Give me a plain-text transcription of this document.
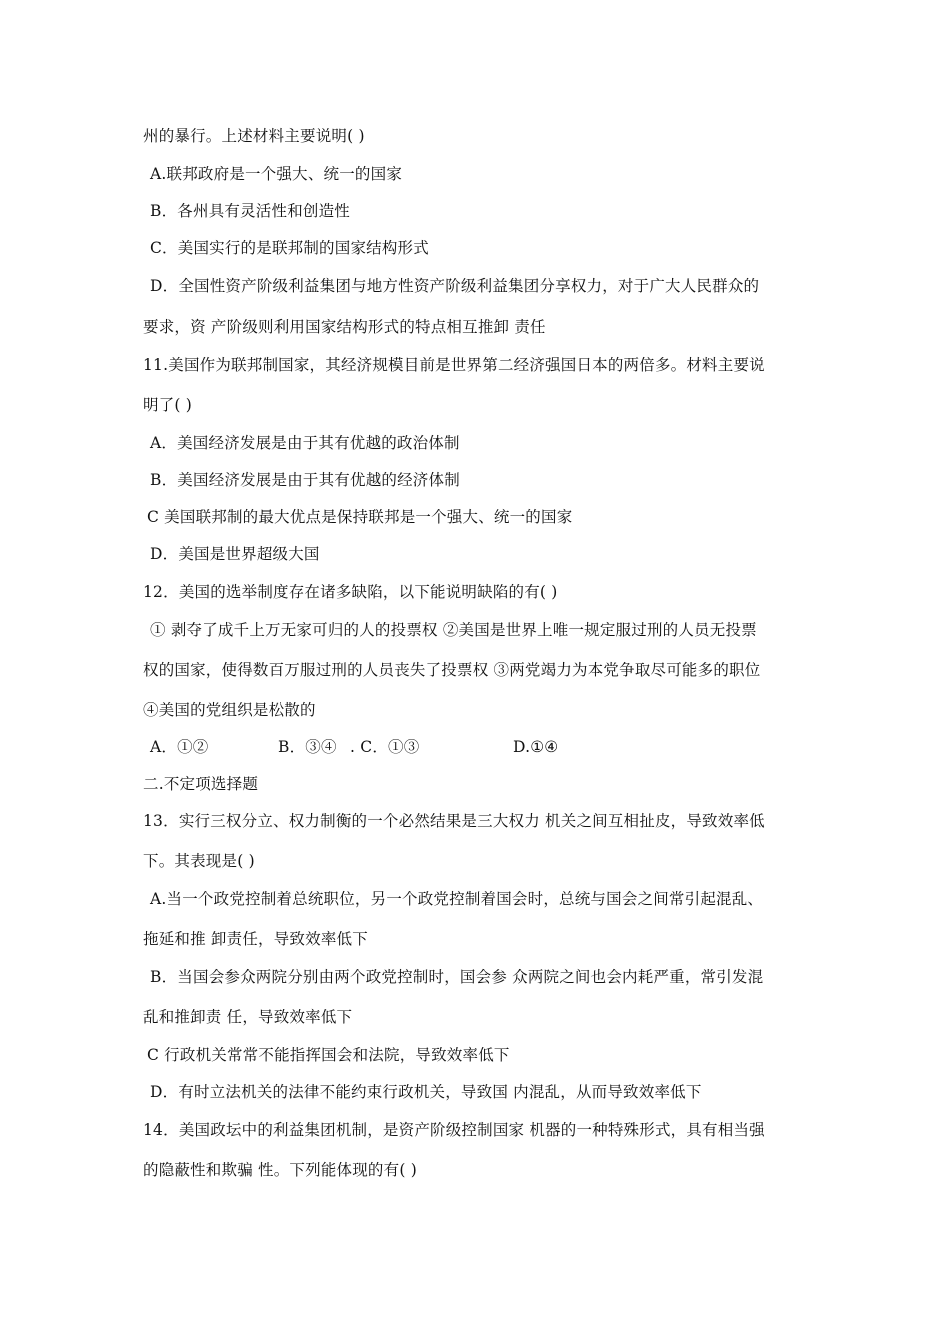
州的暴行。上述材料主要说明( )
A.联邦政府是一个强大、统一的国家
B．各州具有灵活性和创造性
C．美国实行的是联邦制的国家结构形式
D．全国性资产阶级利益集团与地方性资产阶级利益集团分享权力，对于广大人民群众的
要求，资 产阶级则利用国家结构形式的特点相互推卸 责任
11.美国作为联邦制国家，其经济规模目前是世界第二经济强国日本的两倍多。材料主要说
明了( )
A．美国经济发展是由于其有优越的政治体制
B．美国经济发展是由于其有优越的经济体制
C 美国联邦制的最大优点是保持联邦是一个强大、统一的国家
D．美国是世界超级大国
12．美国的选举制度存在诸多缺陷，以下能说明缺陷的有( )
① 剥夺了成千上万无家可归的人的投票权 ②美国是世界上唯一规定服过刑的人员无投票
权的国家，使得数百万服过刑的人员丧失了投票权 ③两党竭力为本党争取尽可能多的职位
④美国的党组织是松散的
A．①②	B．③④ . C．①③	D.①④
二.不定项选择题
13．实行三权分立、权力制衡的一个必然结果是三大权力 机关之间互相扯皮，导致效率低
下。其表现是( )
A.当一个政党控制着总统职位，另一个政党控制着国会时，总统与国会之间常引起混乱、
拖延和推 卸责任，导致效率低下
B．当国会参众两院分别由两个政党控制时，国会参 众两院之间也会内耗严重，常引发混
乱和推卸责 任，导致效率低下
C 行政机关常常不能指挥国会和法院，导致效率低下
D．有时立法机关的法律不能约束行政机关，导致国 内混乱，从而导致效率低下
14．美国政坛中的利益集团机制，是资产阶级控制国家 机器的一种特殊形式，具有相当强
的隐蔽性和欺骗 性。下列能体现的有( )
